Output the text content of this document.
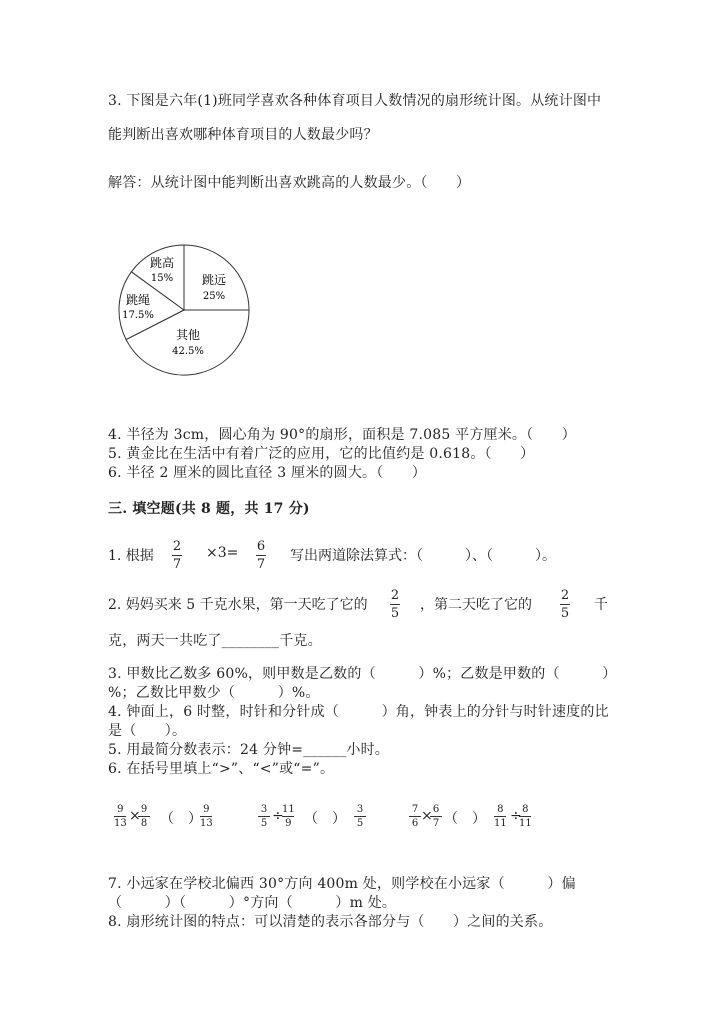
3. 下图是六年(1)班同学喜欢各种体育项目人数情况的扇形统计图。从统计图中
能判断出喜欢哪种体育项目的人数最少吗？
解答：从统计图中能判断出喜欢跳高的人数最少。（　　）
跳远
25%
其他
42.5%
跳绳
17.5%
跳高
15%
4. 半径为 3cm，圆心角为 90°的扇形，面积是 7.085 平方厘米。（　　）
5. 黄金比在生活中有着广泛的应用，它的比值约是 0.618。（　　）
6. 半径 2 厘米的圆比直径 3 厘米的圆大。（　　）
三. 填空题(共 8 题，共 17 分)
1. 根据
2
7
×3= 6
7
写出两道除法算式：（　　　）、（　　　）。
2. 妈妈买来 5 千克水果，第一天吃了它的
2
5
，第二天吃了它的
2
5
千
克，两天一共吃了________千克。
3. 甲数比乙数多 60%，则甲数是乙数的（　　　）%；乙数是甲数的（　　　）
%；乙数比甲数少（　　　）%。
4. 钟面上，6 时整，时针和分针成（　　　）角，钟表上的分针与时针速度的比
是（　　）。
5. 用最简分数表示：24 分钟=______小时。
6. 在括号里填上“>”、“<”或“=”。
9
13 × 9
8 （　）
9
13
3
5 ÷
11
9 （　）
3
5
7
6 × 6
7 （　）
8
11 ÷ 8
11
7. 小远家在学校北偏西 30°方向 400m 处，则学校在小远家（　　　）偏
（　　　）（　　　）°方向（　　　）m 处。
8. 扇形统计图的特点：可以清楚的表示各部分与（　　）之间的关系。
